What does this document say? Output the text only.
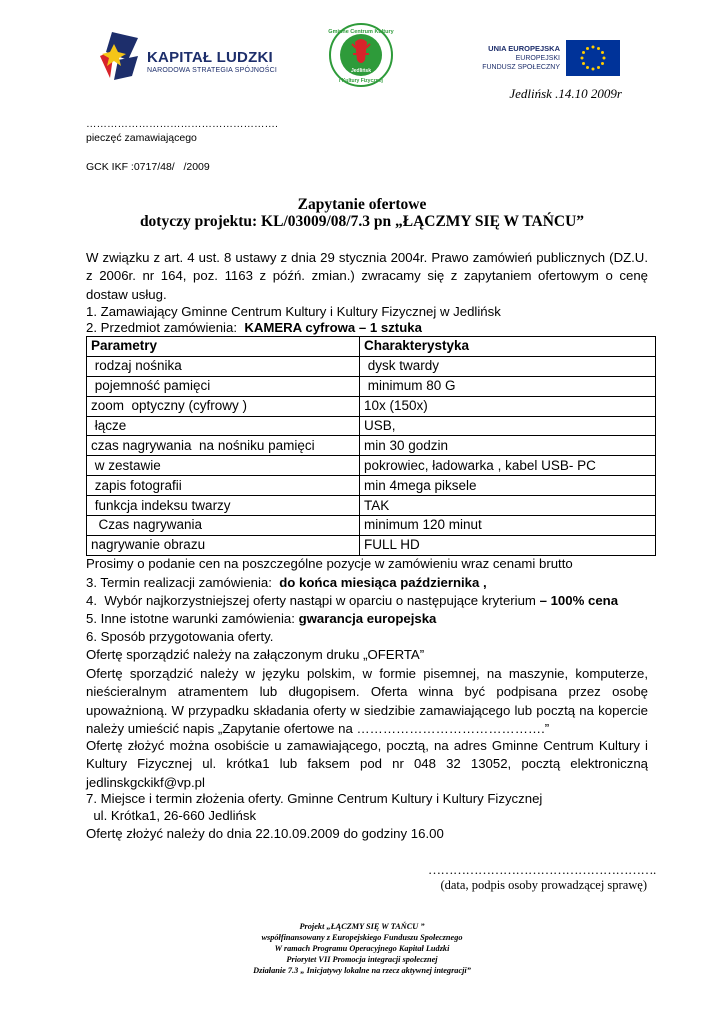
KAPITAŁ LUDZKI
NARODOWA STRATEGIA SPÓJNOŚCI
Gminne Centrum Kultury
Jedlińsk
i Kultury Fizycznej
UNIA EUROPEJSKA
EUROPEJSKI
FUNDUSZ SPOŁECZNY
Jedlińsk .14.10 2009r
……………………………………………….
pieczęć zamawiającego
GCK IKF :0717/48/   /2009
Zapytanie ofertowe
dotyczy projektu: KL/03009/08/7.3 pn „ŁĄCZMY SIĘ W TAŃCU”
W związku z art. 4 ust. 8 ustawy z dnia 29 stycznia 2004r. Prawo zamówień publicznych (DZ.U. z 2006r. nr 164, poz. 1163 z późń. zmian.) zwracamy się z zapytaniem ofertowym o cenę dostaw usług.
1. Zamawiający Gminne Centrum Kultury i Kultury Fizycznej w Jedlińsk
2. Przedmiot zamówienia:  KAMERA cyfrowa – 1 sztuka
Parametry	Charakterystyka
rodzaj nośnika	dysk twardy
pojemność pamięci	minimum 80 G
zoom  optyczny (cyfrowy )	10x (150x)
łącze	USB,
czas nagrywania  na nośniku pamięci	min 30 godzin
w zestawie	pokrowiec, ładowarka , kabel USB- PC
zapis fotografii	min 4mega piksele
funkcja indeksu twarzy	TAK
Czas nagrywania	minimum 120 minut
nagrywanie obrazu	FULL HD
Prosimy o podanie cen na poszczególne pozycje w zamówieniu wraz cenami brutto
3. Termin realizacji zamówienia:  do końca miesiąca października ,
4.  Wybór najkorzystniejszej oferty nastąpi w oparciu o następujące kryterium – 100% cena
5. Inne istotne warunki zamówienia: gwarancja europejska
6. Sposób przygotowania oferty.
Ofertę sporządzić należy na załączonym druku „OFERTA”
Ofertę sporządzić należy w języku polskim, w formie pisemnej, na maszynie, komputerze, nieścieralnym atramentem lub długopisem. Oferta winna być podpisana przez osobę upoważnioną. W przypadku składania oferty w siedzibie zamawiającego lub pocztą na kopercie należy umieścić napis „Zapytanie ofertowe na …………………………………….”
Ofertę złożyć można osobiście u zamawiającego, pocztą, na adres Gminne Centrum Kultury i Kultury Fizycznej ul. krótka1 lub faksem pod nr 048 32 13052, pocztą elektroniczną jedlinskgckikf@vp.pl
7. Miejsce i termin złożenia oferty. Gminne Centrum Kultury i Kultury Fizycznej
ul. Krótka1, 26-660 Jedlińsk
Ofertę złożyć należy do dnia 22.10.09.2009 do godziny 16.00
……………………………………………….
(data, podpis osoby prowadzącej sprawę)
Projekt „ŁĄCZMY SIĘ W TAŃCU ”
współfinansowany z Europejskiego Funduszu Społecznego
W ramach Programu Operacyjnego Kapitał Ludzki
Priorytet VII Promocja integracji społecznej
Działanie 7.3 „ Inicjatywy lokalne na rzecz aktywnej integracji”
